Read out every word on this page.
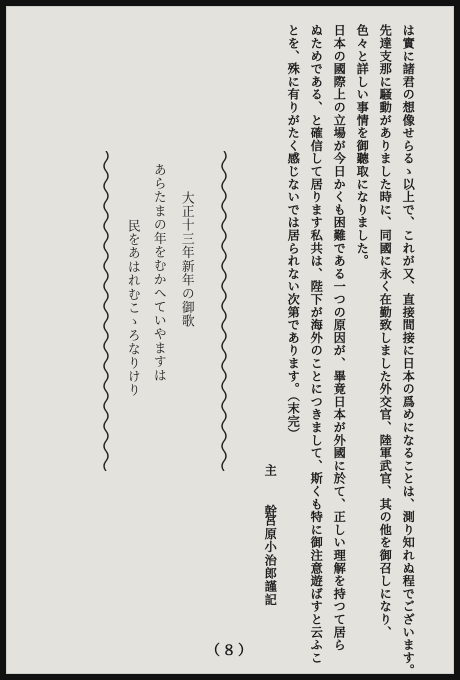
は實に諸君の想像せらるゝ以上で、これが又、直接間接に日本の爲めになることは、測り知れぬ程でございます。
先達支那に騒動がありました時に、同國に永く在勤致しました外交官、陸軍武官、其の他を御召しになり、
色々と詳しい事情を御聽取になりました。
日本の國際上の立場が今日かくも困難である一つの原因が、畢竟日本が外國に於て、正しい理解を持つて居ら
ぬためである、と確信して居ります私共は、陛下が海外のことにつきまして、斯くも特に御注意遊ばすと云ふこ
とを、殊に有りがたく感じないでは居られない次第であります。（末完）
主　幹
宮原小治郎謹記
大正十三年新年の御歌
あらたまの年をむかへていやますは
民をあはれむこゝろなりけり
（８）
